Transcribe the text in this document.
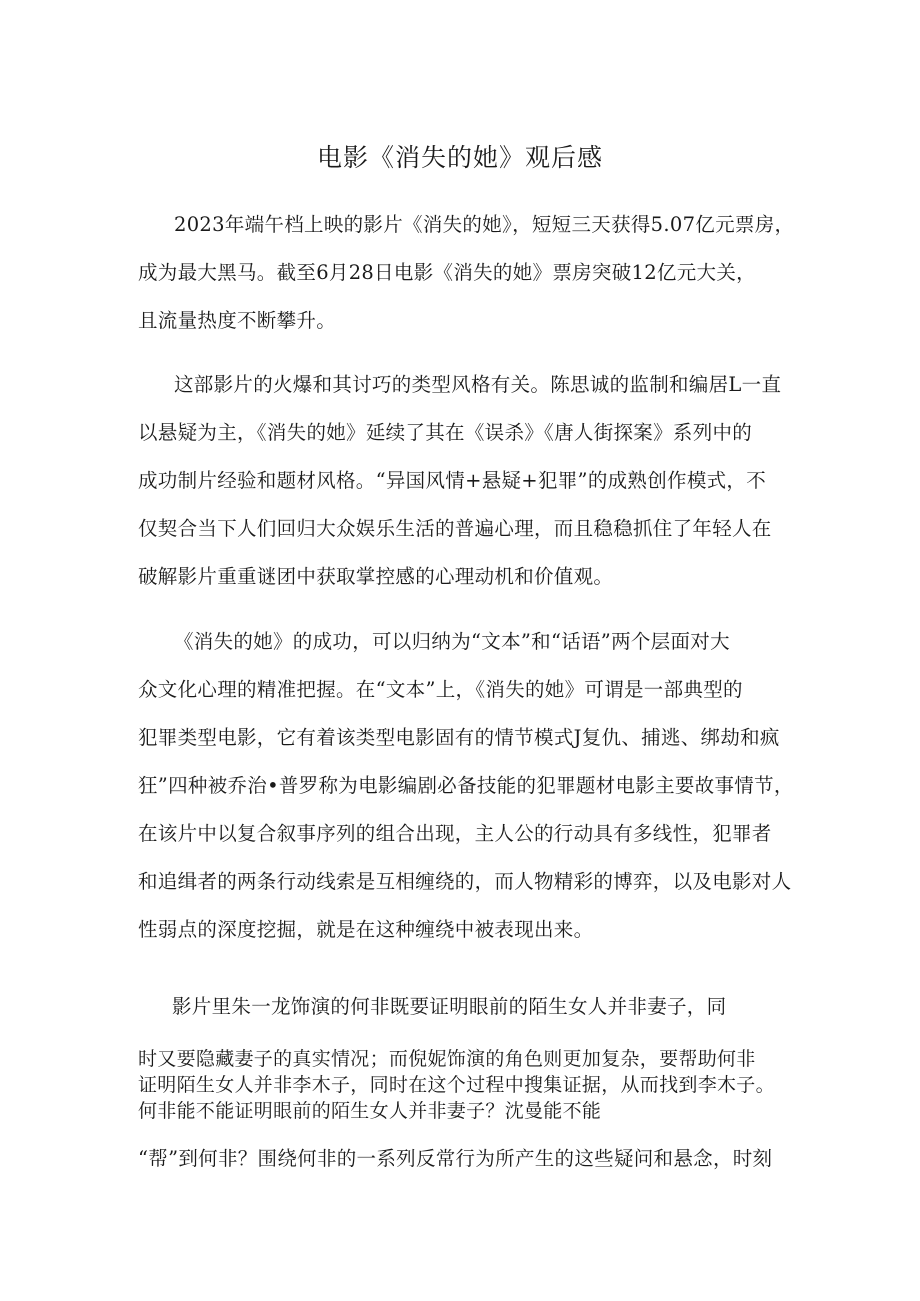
电影《消失的她》观后感
2023年端午档上映的影片《消失的她》，短短三天获得5.07亿元票房，
成为最大黑马。截至6月28日电影《消失的她》票房突破12亿元大关，
且流量热度不断攀升。
这部影片的火爆和其讨巧的类型风格有关。陈思诚的监制和编居L一直
以悬疑为主，《消失的她》延续了其在《误杀》《唐人街探案》系列中的
成功制片经验和题材风格。“异国风情+悬疑+犯罪”的成熟创作模式，不
仅契合当下人们回归大众娱乐生活的普遍心理，而且稳稳抓住了年轻人在
破解影片重重谜团中获取掌控感的心理动机和价值观。
《消失的她》的成功，可以归纳为“文本”和“话语”两个层面对大
众文化心理的精准把握。在“文本”上，《消失的她》可谓是一部典型的
犯罪类型电影，它有着该类型电影固有的情节模式J复仇、捕逃、绑劫和疯
狂”四种被乔治•普罗称为电影编剧必备技能的犯罪题材电影主要故事情节，
在该片中以复合叙事序列的组合出现，主人公的行动具有多线性，犯罪者
和追缉者的两条行动线索是互相缠绕的，而人物精彩的博弈，以及电影对人
性弱点的深度挖掘，就是在这种缠绕中被表现出来。
影片里朱一龙饰演的何非既要证明眼前的陌生女人并非妻子，同
时又要隐藏妻子的真实情况；而倪妮饰演的角色则更加复杂，要帮助何非
证明陌生女人并非李木子，同时在这个过程中搜集证据，从而找到李木子。
何非能不能证明眼前的陌生女人并非妻子？沈曼能不能
“帮”到何非？围绕何非的一系列反常行为所产生的这些疑问和悬念，时刻
